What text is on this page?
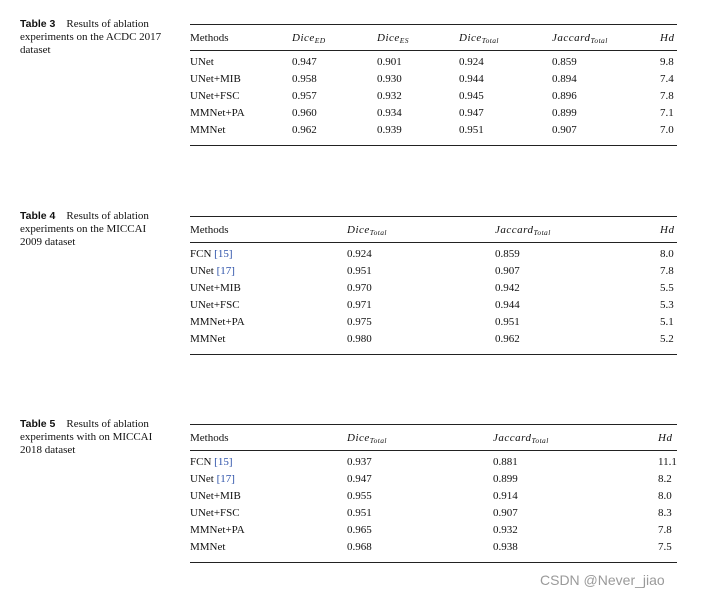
Table 3  Results of ablation experiments on the ACDC 2017 dataset
Methods	Dice$_{ED}$	Dice$_{ES}$	Dice$_{Total}$	Jaccard$_{Total}$	Hd
UNet	0.947	0.901	0.924	0.859	9.8
UNet+MIB	0.958	0.930	0.944	0.894	7.4
UNet+FSC	0.957	0.932	0.945	0.896	7.8
MMNet+PA	0.960	0.934	0.947	0.899	7.1
MMNet	0.962	0.939	0.951	0.907	7.0
Table 4  Results of ablation experiments on the MICCAI 2009 dataset
Methods	Dice$_{Total}$	Jaccard$_{Total}$	Hd
FCN [15]	0.924	0.859	8.0
UNet [17]	0.951	0.907	7.8
UNet+MIB	0.970	0.942	5.5
UNet+FSC	0.971	0.944	5.3
MMNet+PA	0.975	0.951	5.1
MMNet	0.980	0.962	5.2
Table 5  Results of ablation experiments with on MICCAI 2018 dataset
Methods	Dice$_{Total}$	Jaccard$_{Total}$	Hd
FCN [15]	0.937	0.881	11.1
UNet [17]	0.947	0.899	8.2
UNet+MIB	0.955	0.914	8.0
UNet+FSC	0.951	0.907	8.3
MMNet+PA	0.965	0.932	7.8
MMNet	0.968	0.938	7.5
CSDN @Never_jiao
